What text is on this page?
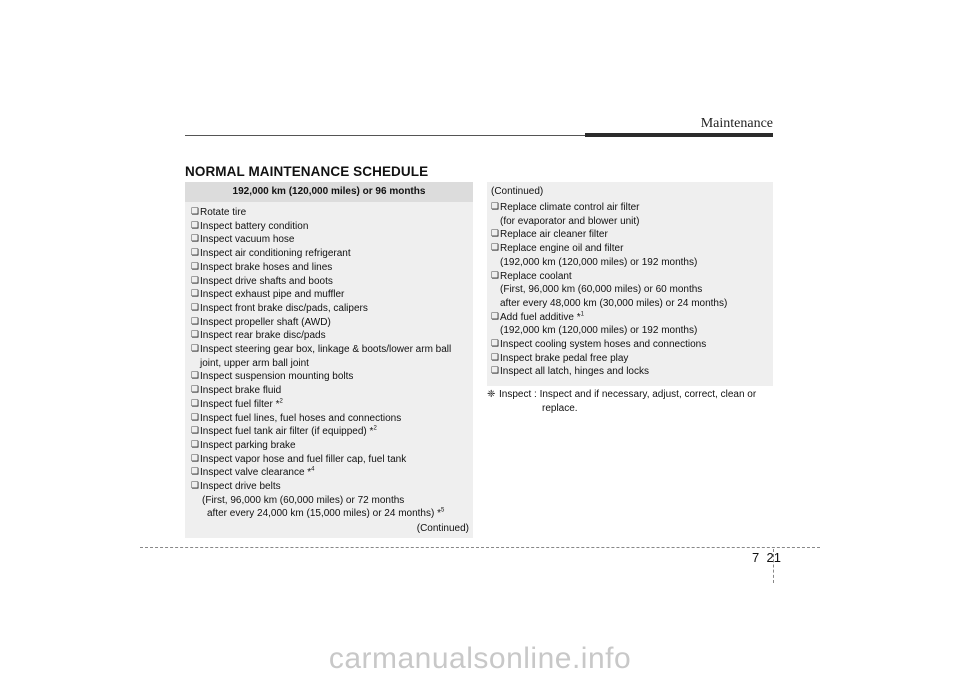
Maintenance
NORMAL MAINTENANCE SCHEDULE
192,000 km (120,000 miles) or 96 months
❏ Rotate tire
❏ Inspect battery condition
❏ Inspect vacuum hose
❏ Inspect air conditioning refrigerant
❏ Inspect brake hoses and lines
❏ Inspect drive shafts and boots
❏ Inspect exhaust pipe and muffler
❏ Inspect front brake disc/pads, calipers
❏ Inspect propeller shaft (AWD)
❏ Inspect rear brake disc/pads
❏ Inspect steering gear box, linkage & boots/lower arm ball
joint, upper arm ball joint
❏ Inspect suspension mounting bolts
❏ Inspect brake fluid
❏ Inspect fuel filter *$^2$
❏ Inspect fuel lines, fuel hoses and connections
❏ Inspect fuel tank air filter (if equipped) *$^2$
❏ Inspect parking brake
❏ Inspect vapor hose and fuel filler cap, fuel tank
❏ Inspect valve clearance *$^4$
❏ Inspect drive belts
(First, 96,000 km (60,000 miles) or 72 months
after every 24,000 km (15,000 miles) or 24 months) *$^5$
(Continued)
(Continued)
❏ Replace climate control air filter
(for evaporator and blower unit)
❏ Replace air cleaner filter
❏ Replace engine oil and filter
(192,000 km (120,000 miles) or 192 months)
❏ Replace coolant
(First, 96,000 km (60,000 miles) or 60 months
after every 48,000 km (30,000 miles) or 24 months)
❏ Add fuel additive *$^1$
(192,000 km (120,000 miles) or 192 months)
❏ Inspect cooling system hoses and connections
❏ Inspect brake pedal free play
❏ Inspect all latch, hinges and locks
❈ Inspect : Inspect and if necessary, adjust, correct, clean or
replace.
7 21
carmanualsonline.info
